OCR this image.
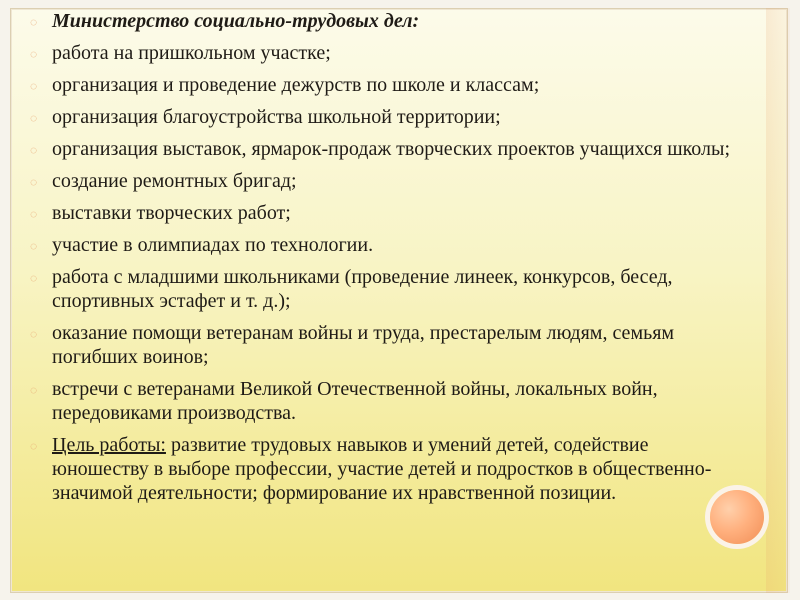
◌
Министерство социально-трудовых дел:
◌
работа на пришкольном участке;
◌
организация и проведение дежурств по школе и классам;
◌
организация благоустройства школьной территории;
◌
организация выставок, ярмарок-продаж творческих проектов учащихся школы;
◌
создание ремонтных бригад;
◌
выставки творческих работ;
◌
участие в олимпиадах по технологии.
◌
работа с младшими школьниками (проведение линеек, конкурсов, бесед, спортивных эстафет и т. д.);
◌
оказание помощи ветеранам войны и труда, престарелым людям, семьям погибших воинов;
◌
встречи с ветеранами Великой Отечественной войны, локальных войн, передовиками производства.
◌
Цель работы: развитие трудовых навыков и умений детей, содействие юношеству в выборе профессии, участие детей и подростков в общественно-значимой деятельности; формирование их нравственной позиции.
